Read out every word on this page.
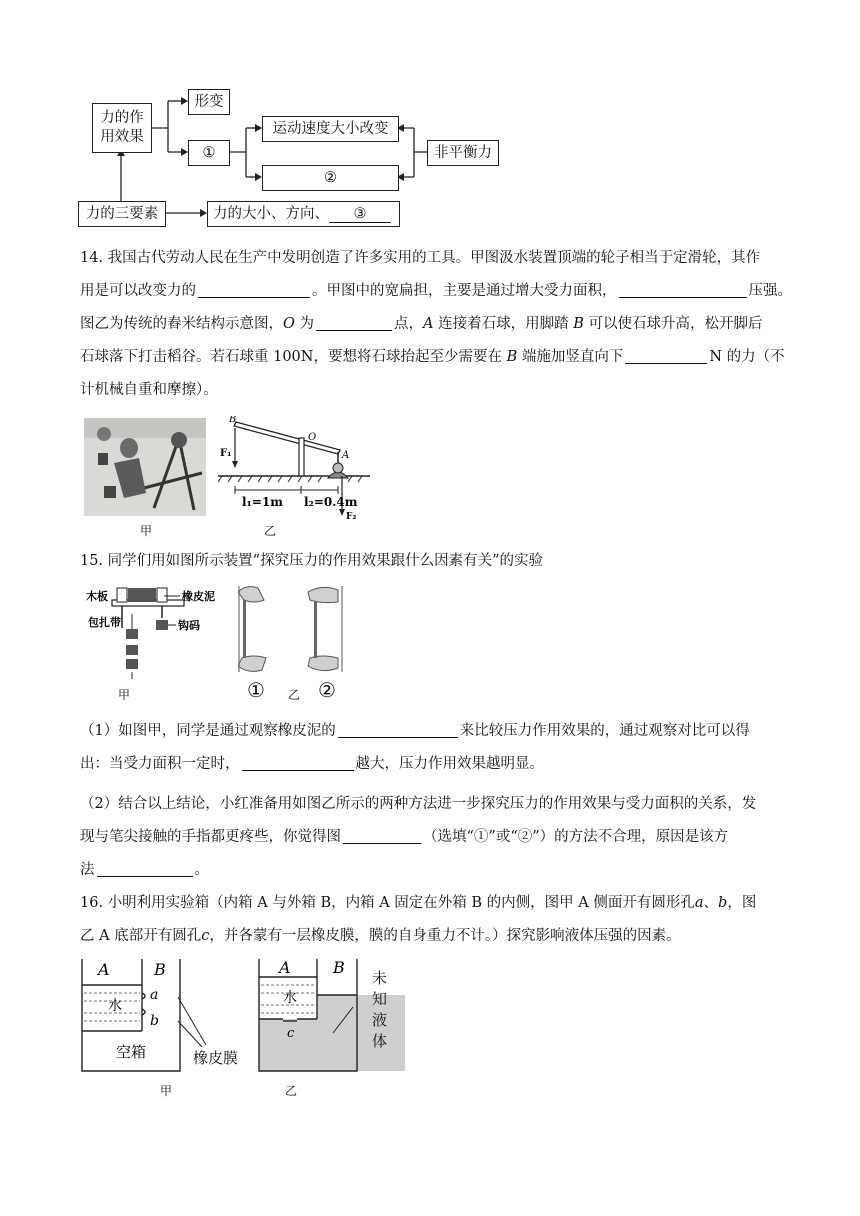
力的作用效果
形变
①
运动速度大小改变
②
非平衡力
力的三要素	力的大小、方向、	③
14. 我国古代劳动人民在生产中发明创造了许多实用的工具。甲图汲水装置顶端的轮子相当于定滑轮，其作
用是可以改变力的	。甲图中的宽扁担，主要是通过增大受力面积，	压强。
图乙为传统的舂米结构示意图，O 为	点，A 连接着石球，用脚踏 B 可以使石球升高，松开脚后
石球落下打击稻谷。若石球重 100N，要想将石球抬起至少需要在 B 端施加竖直向下	N 的力（不
计机械自重和摩擦）。
甲
B
O
A
F₁
F₂
l₁=1m l₂=0.4m
乙
15. 同学们用如图所示装置“探究压力的作用效果跟什么因素有关”的实验
木板	橡皮泥
包扎带	钩码
甲	① 乙 ②
（1）如图甲，同学是通过观察橡皮泥的	来比较压力作用效果的，通过观察对比可以得
出：当受力面积一定时，	越大，压力作用效果越明显。
（2）结合以上结论，小红准备用如图乙所示的两种方法进一步探究压力的作用效果与受力面积的关系，发
现与笔尖接触的手指都更疼些，你觉得图	（选填“①”或“②”）的方法不合理，原因是该方
法	。
16. 小明利用实验箱（内箱 A 与外箱 B，内箱 A 固定在外箱 B 的内侧，图甲 A 侧面开有圆形孔a、b，图
乙 A 底部开有圆孔c，并各蒙有一层橡皮膜，膜的自身重力不计。）探究影响液体压强的因素。
A	B
水
a
b
空箱	橡皮膜
甲
A	B
水
c
未知液体
乙
